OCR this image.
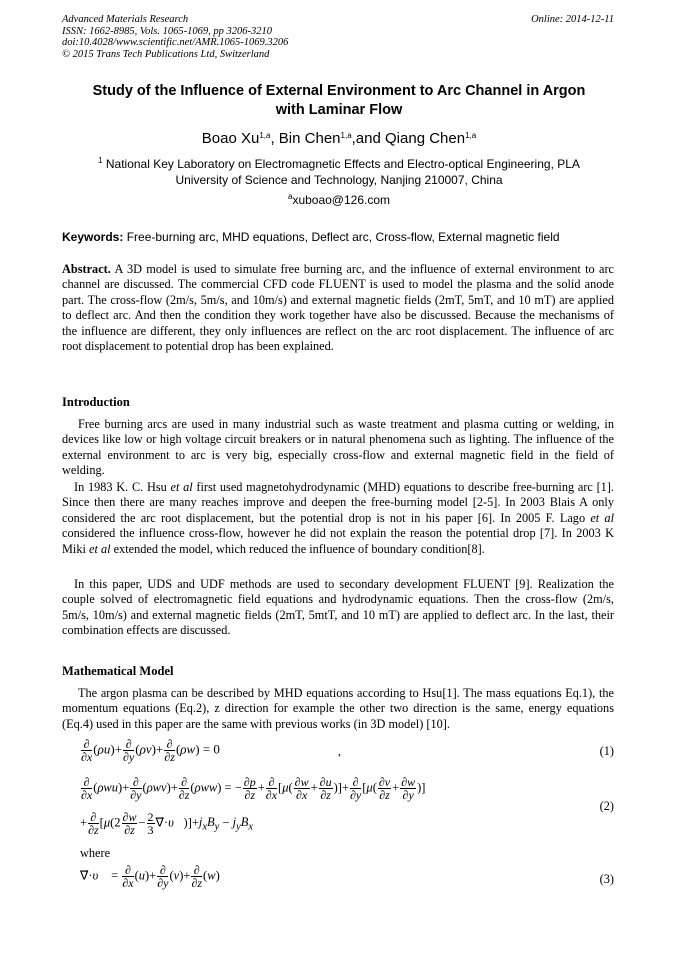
Advanced Materials Research
ISSN: 1662-8985, Vols. 1065-1069, pp 3206-3210
doi:10.4028/www.scientific.net/AMR.1065-1069.3206
© 2015 Trans Tech Publications Ltd, Switzerland
Online: 2014-12-11
Study of the Influence of External Environment to Arc Channel in Argon
with Laminar Flow
Boao Xu$^{1,a}$, Bin Chen$^{1,a}$,and Qiang Chen$^{1,a}$
$^1$ National Key Laboratory on Electromagnetic Effects and Electro-optical Engineering, PLA
University of Science and Technology, Nanjing 210007, China
$^a$xuboao@126.com
Keywords: Free-burning arc, MHD equations, Deflect arc, Cross-flow, External magnetic field
Abstract. A 3D model is used to simulate free burning arc, and the influence of external environment to arc channel are discussed. The commercial CFD code FLUENT is used to model the plasma and the solid anode part. The cross-flow (2m/s, 5m/s, and 10m/s) and external magnetic fields (2mT, 5mT, and 10 mT) are applied to deflect arc. And then the condition they work together have also be discussed. Because the mechanisms of the influence are different, they only influences are reflect on the arc root displacement. The influence of arc root displacement to potential drop has been explained.
Introduction
Free burning arcs are used in many industrial such as waste treatment and plasma cutting or welding, in devices like low or high voltage circuit breakers or in natural phenomena such as lighting. The influence of the external environment to arc is very big, especially cross-flow and external magnetic field in the field of welding.
In 1983 K. C. Hsu et al first used magnetohydrodynamic (MHD) equations to describe free-burning arc [1]. Since then there are many reaches improve and deepen the free-burning model [2-5]. In 2003 Blais A only considered the arc root displacement, but the potential drop is not in his paper [6]. In 2005 F. Lago et al considered the influence cross-flow, however he did not explain the reason the potential drop [7]. In 2003 K Miki et al extended the model, which reduced the influence of boundary condition[8].
In this paper, UDS and UDF methods are used to secondary development FLUENT [9]. Realization the couple solved of electromagnetic field equations and hydrodynamic equations. Then the cross-flow (2m/s, 5m/s, 10m/s) and external magnetic fields (2mT, 5mtT, and 10 mT) are applied to deflect arc. In the last, their combination effects are discussed.
Mathematical Model
The argon plasma can be described by MHD equations according to Hsu[1]. The mass equations Eq.1), the momentum equations (Eq.2), z direction for example the other two direction is the same, energy equations (Eq.4) used in this paper are the same with previous works (in 3D model) [10].
$\frac{\partial}{\partial x} (\rho u)+ \frac{\partial}{\partial y} (\rho v)+ \frac{\partial}{\partial z} (\rho w) = 0$	,	(1)
$\frac{\partial}{\partial x} (\rho wu)+ \frac{\partial}{\partial y} (\rho wv)+ \frac{\partial}{\partial z} (\rho ww)$ = − $\frac{\partial p}{\partial z} + \frac{\partial}{\partial x} [\mu( \frac{\partial w}{\partial x} + \frac{\partial u}{\partial z}$ )]+ $\frac{\partial}{\partial y} [\mu( \frac{\partial v}{\partial z} + \frac{\partial w}{\partial y}$ )]
(2)
+ $\frac{\partial}{\partial z} [\mu(2 \frac{\partial w}{\partial z} - \frac{2}{3}$ $\nabla⃗\cdot\upsilon⃗)]+j_xB_y - j_yB_x$
where
∇⃗·υ⃗ = $\frac{\partial}{\partial x} (u)+ \frac{\partial}{\partial y} (v)+ \frac{\partial}{\partial z} (w)$	(3)
